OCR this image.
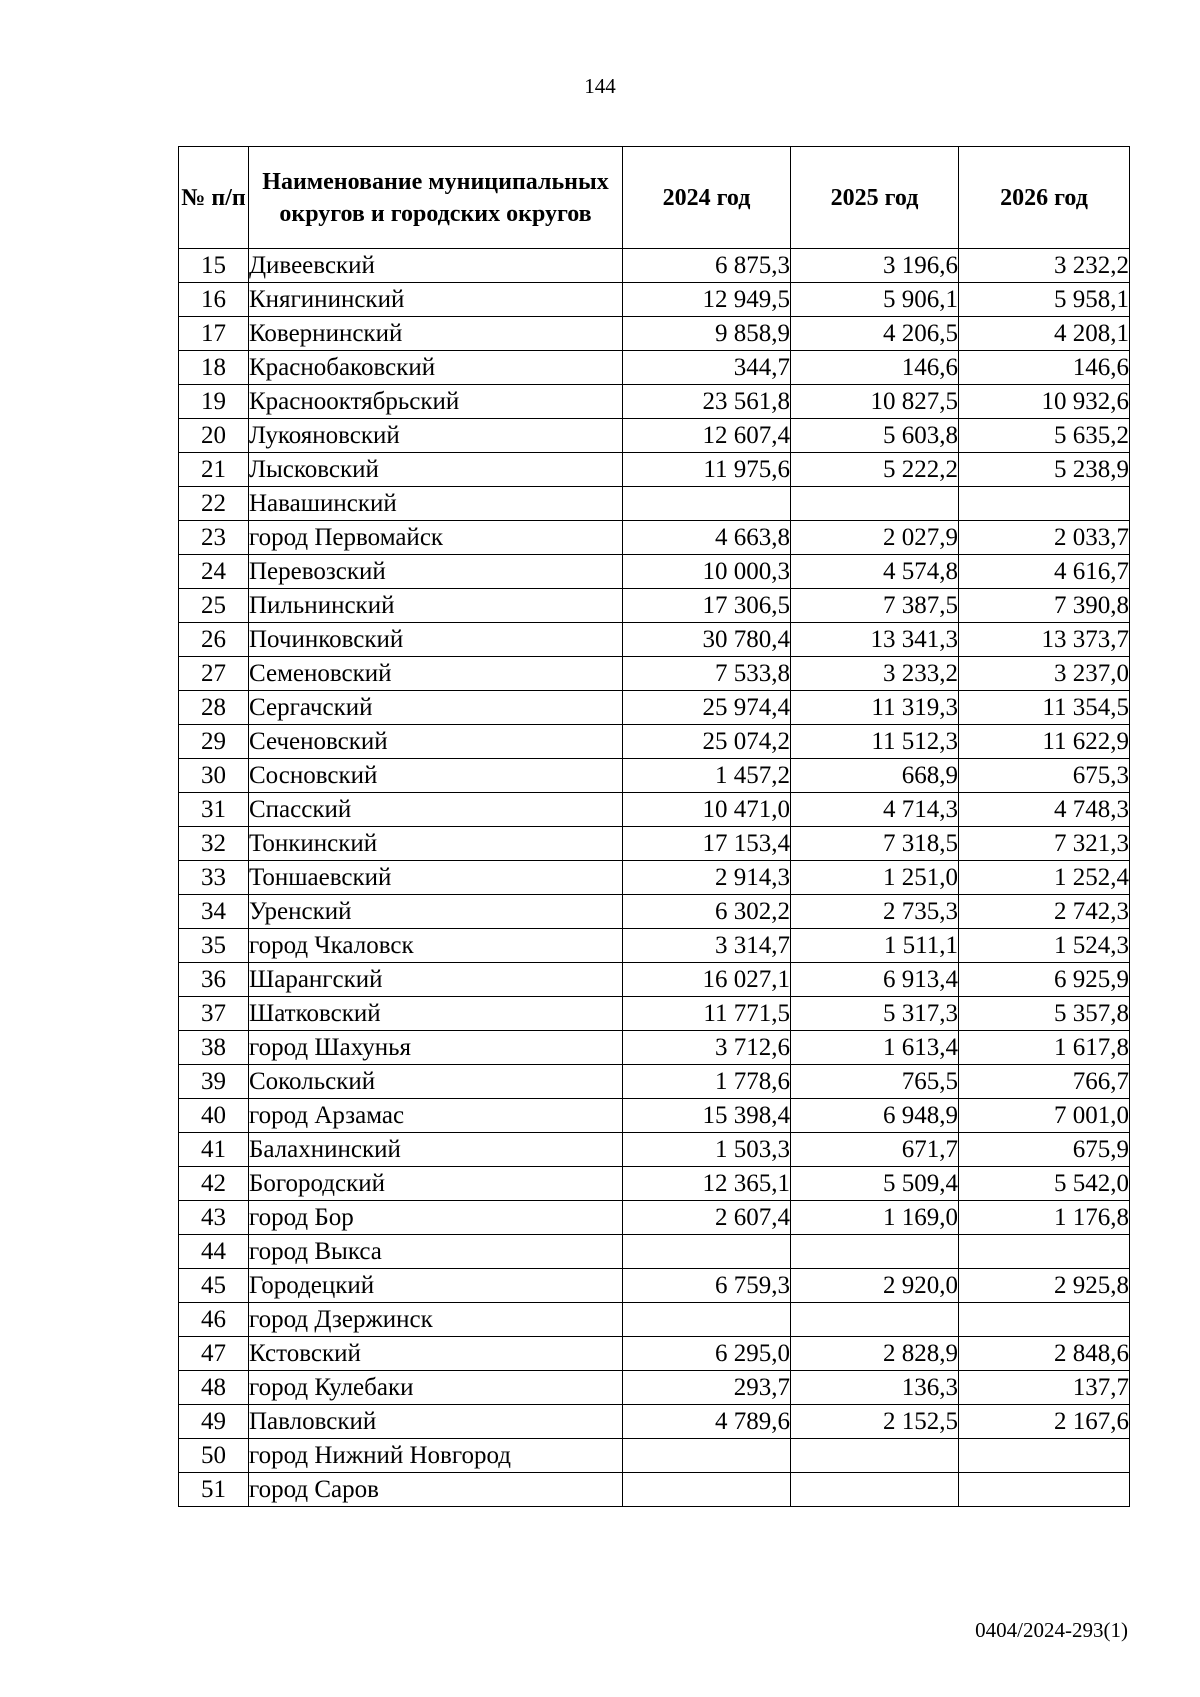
144
№ п/п	Наименование муниципальных округов и городских округов	2024 год	2025 год	2026 год
15	Дивеевский	6 875,3	3 196,6	3 232,2
16	Княгининский	12 949,5	5 906,1	5 958,1
17	Ковернинский	9 858,9	4 206,5	4 208,1
18	Краснобаковский	344,7	146,6	146,6
19	Краснооктябрьский	23 561,8	10 827,5	10 932,6
20	Лукояновский	12 607,4	5 603,8	5 635,2
21	Лысковский	11 975,6	5 222,2	5 238,9
22	Навашинский			
23	город Первомайск	4 663,8	2 027,9	2 033,7
24	Перевозский	10 000,3	4 574,8	4 616,7
25	Пильнинский	17 306,5	7 387,5	7 390,8
26	Починковский	30 780,4	13 341,3	13 373,7
27	Семеновский	7 533,8	3 233,2	3 237,0
28	Сергачский	25 974,4	11 319,3	11 354,5
29	Сеченовский	25 074,2	11 512,3	11 622,9
30	Сосновский	1 457,2	668,9	675,3
31	Спасский	10 471,0	4 714,3	4 748,3
32	Тонкинский	17 153,4	7 318,5	7 321,3
33	Тоншаевский	2 914,3	1 251,0	1 252,4
34	Уренский	6 302,2	2 735,3	2 742,3
35	город Чкаловск	3 314,7	1 511,1	1 524,3
36	Шарангский	16 027,1	6 913,4	6 925,9
37	Шатковский	11 771,5	5 317,3	5 357,8
38	город Шахунья	3 712,6	1 613,4	1 617,8
39	Сокольский	1 778,6	765,5	766,7
40	город Арзамас	15 398,4	6 948,9	7 001,0
41	Балахнинский	1 503,3	671,7	675,9
42	Богородский	12 365,1	5 509,4	5 542,0
43	город Бор	2 607,4	1 169,0	1 176,8
44	город Выкса			
45	Городецкий	6 759,3	2 920,0	2 925,8
46	город Дзержинск			
47	Кстовский	6 295,0	2 828,9	2 848,6
48	город Кулебаки	293,7	136,3	137,7
49	Павловский	4 789,6	2 152,5	2 167,6
50	город Нижний Новгород			
51	город Саров			
0404/2024-293(1)
